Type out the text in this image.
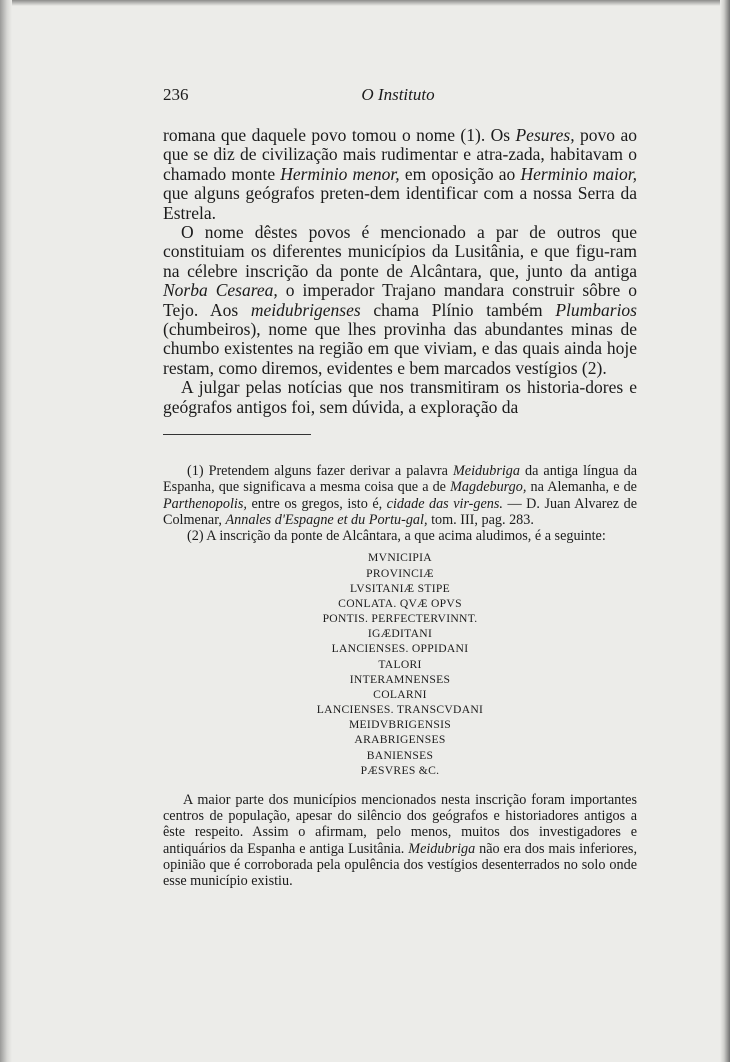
236	O Instituto

romana que daquele povo tomou o nome (1). Os Pesures, povo ao que se diz de civilização mais rudimentar e atra-zada, habitavam o chamado monte Herminio menor, em oposição ao Herminio maior, que alguns geógrafos preten-dem identificar com a nossa Serra da Estrela.

O nome dêstes povos é mencionado a par de outros que constituiam os diferentes municípios da Lusitânia, e que figu-ram na célebre inscrição da ponte de Alcântara, que, junto da antiga Norba Cesarea, o imperador Trajano mandara construir sôbre o Tejo. Aos meidubrigenses chama Plínio também Plumbarios (chumbeiros), nome que lhes provinha das abundantes minas de chumbo existentes na região em que viviam, e das quais ainda hoje restam, como diremos, evidentes e bem marcados vestígios (2).

A julgar pelas notícias que nos transmitiram os historia-dores e geógrafos antigos foi, sem dúvida, a exploração da

(1) Pretendem alguns fazer derivar a palavra Meidubriga da antiga língua da Espanha, que significava a mesma coisa que a de Magdeburgo, na Alemanha, e de Parthenopolis, entre os gregos, isto é, cidade das vir-gens. — D. Juan Alvarez de Colmenar, Annales d'Espagne et du Portu-gal, tom. III, pag. 283.

(2) A inscrição da ponte de Alcântara, a que acima aludimos, é a seguinte:

MVNICIPIA
PROVINCIÆ
LVSITANIÆ STIPE
CONLATA. QVÆ OPVS
PONTIS. PERFECTERVINNT.
IGÆDITANI
LANCIENSES. OPPIDANI
TALORI
INTERAMNENSES
COLARNI
LANCIENSES. TRANSCVDANI
MEIDVBRIGENSIS
ARABRIGENSES
BANIENSES
PÆSVRES &C.

A maior parte dos municípios mencionados nesta inscrição foram importantes centros de população, apesar do silêncio dos geógrafos e historiadores antigos a êste respeito. Assim o afirmam, pelo menos, muitos dos investigadores e antiquários da Espanha e antiga Lusitânia. Meidubriga não era dos mais inferiores, opinião que é corroborada pela opulência dos vestígios desenterrados no solo onde esse município existiu.
